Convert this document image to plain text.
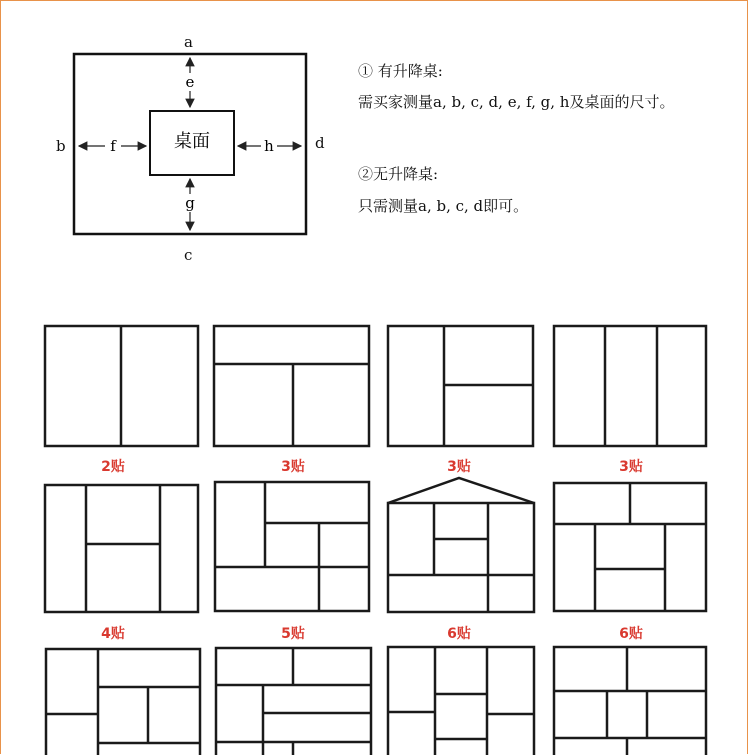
e
g
f	h
桌面
a
b
c
d
① 有升降桌:
需买家测量a, b, c, d, e, f, g, h及桌面的尺寸。
②无升降桌:
只需测量a, b, c, d即可。
2贴	3贴	3贴	3贴
4贴	5贴	6贴	6贴
